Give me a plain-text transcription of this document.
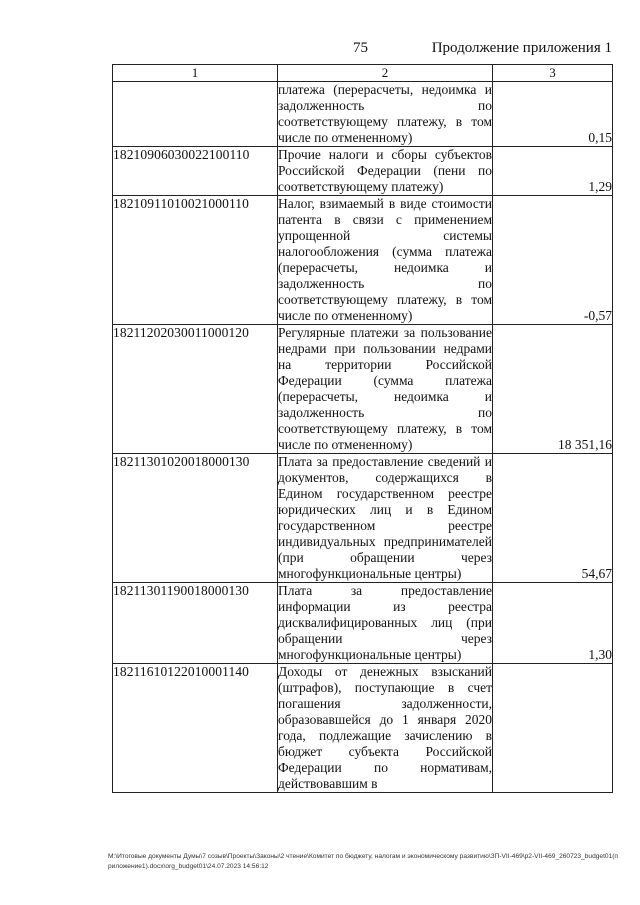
75	Продолжение приложения 1
1	2	3
	платежа (перерасчеты, недоимка и задолженность по соответствующему платежу, в том числе по отмененному)	0,15
18210906030022100110	Прочие налоги и сборы субъектов Российской Федерации (пени по соответствующему платежу)	1,29
18210911010021000110	Налог, взимаемый в виде стоимости патента в связи с применением упрощенной системы налогообложения (сумма платежа (перерасчеты, недоимка и задолженность по соответствующему платежу, в том числе по отмененному)	-0,57
18211202030011000120	Регулярные платежи за пользование недрами при пользовании недрами на территории Российской Федерации (сумма платежа (перерасчеты, недоимка и задолженность по соответствующему платежу, в том числе по отмененному)	18 351,16
18211301020018000130	Плата за предоставление сведений и документов, содержащихся в Едином государственном реестре юридических лиц и в Едином государственном реестре индивидуальных предпринимателей (при обращении через многофункциональные центры)	54,67
18211301190018000130	Плата за предоставление информации из реестра дисквалифицированных лиц (при обращении через многофункциональные центры)	1,30
18211610122010001140	Доходы от денежных взысканий (штрафов), поступающие в счет погашения задолженности, образовавшейся до 1 января 2020 года, подлежащие зачислению в бюджет субъекта Российской Федерации по нормативам, действовавшим в	
М:\Итоговые документы Думы\7 созыв\Проекты\Законы\2 чтение\Комитет по бюджету, налогам и экономическому развитию\ЗП-VII-469\р2-VII-469_260723_budget01(приложение1).docx\org_budget01\24.07.2023 14:56:12
